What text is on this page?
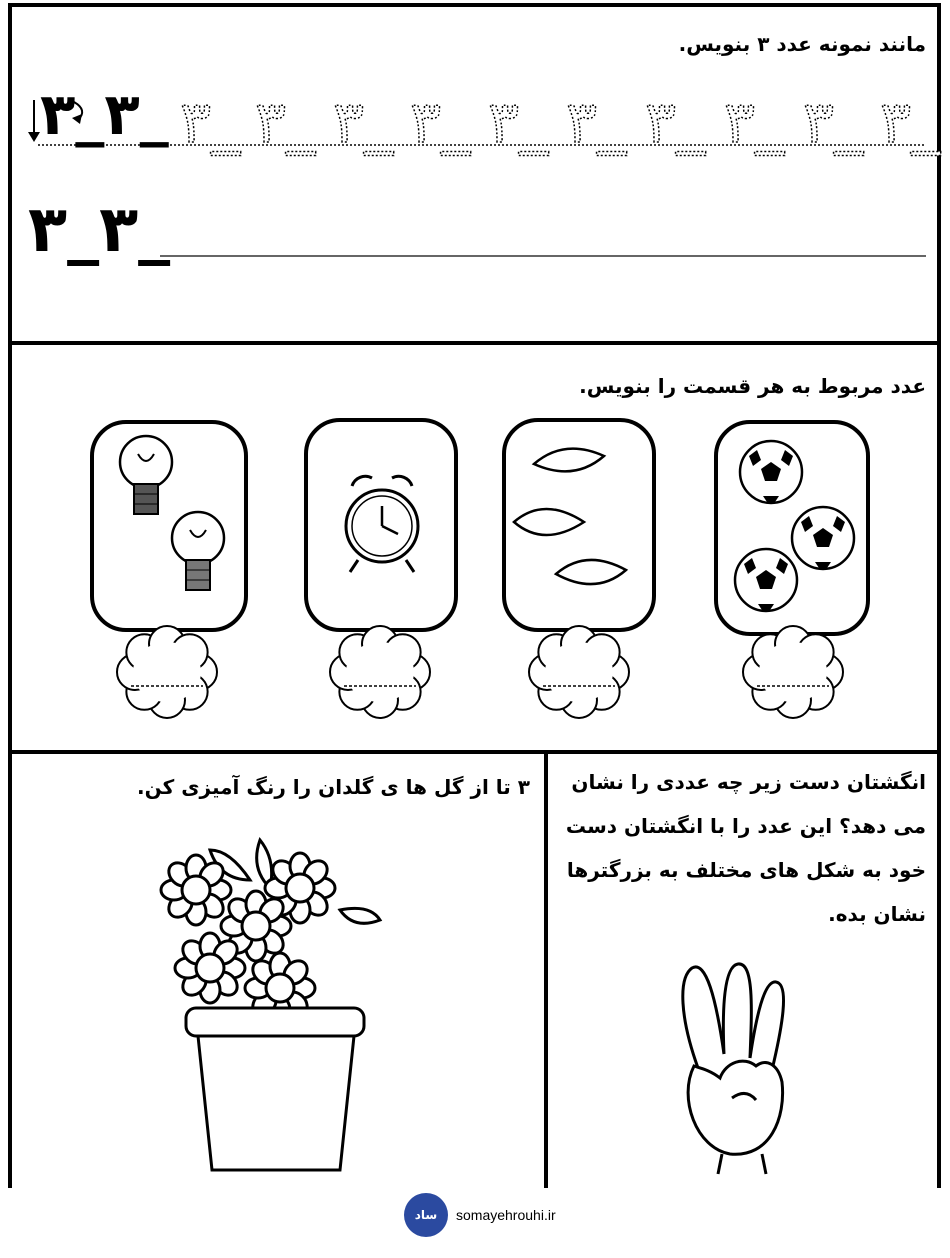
مانند نمونه عدد ۳ بنویس.
۳_ ۳_ ۳_ ۳_ ۳_ ۳_ ۳_ ۳_ ۳_ ۳_
۳_۳_
۳_۳_
عدد مربوط به هر قسمت را بنویس.
انگشتان دست زیر چه عددی را نشان می دهد؟ این عدد را با انگشتان دست خود به شکل های مختلف به بزرگترها نشان بده.
۳ تا از گل ها ی گلدان را رنگ آمیزی کن.
ساد somayehrouhi.ir
